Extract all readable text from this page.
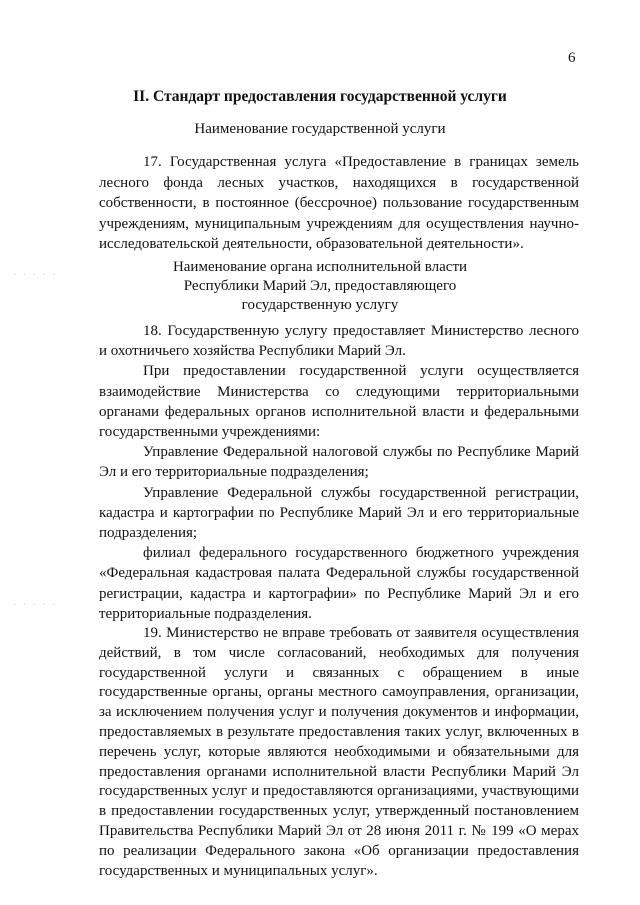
· · · · ·
· · · · ·
6
II. Стандарт предоставления государственной услуги
Наименование государственной услуги

17. Государственная услуга «Предоставление в границах земель лесного фонда лесных участков, находящихся в государственной собственности, в постоянное (бессрочное) пользование государственным учреждениям, муниципальным учреждениям для осуществления научно-исследовательской деятельности, образовательной деятельности».

Наименование органа исполнительной власти
Республики Марий Эл, предоставляющего
государственную услугу

18. Государственную услугу предоставляет Министерство лесного и охотничьего хозяйства Республики Марий Эл.

При предоставлении государственной услуги осуществляется взаимодействие Министерства со следующими территориальными органами федеральных органов исполнительной власти и федеральными государственными учреждениями:

Управление Федеральной налоговой службы по Республике Марий Эл и его территориальные подразделения;

Управление Федеральной службы государственной регистрации, кадастра и картографии по Республике Марий Эл и его территориальные подразделения;

филиал федерального государственного бюджетного учреждения «Федеральная кадастровая палата Федеральной службы государственной регистрации, кадастра и картографии» по Республике Марий Эл и его территориальные подразделения.

19. Министерство не вправе требовать от заявителя осуществления действий, в том числе согласований, необходимых для получения государственной услуги и связанных с обращением в иные государственные органы, органы местного самоуправления, организации, за исключением получения услуг и получения документов и информации, предоставляемых в результате предоставления таких услуг, включенных в перечень услуг, которые являются необходимыми и обязательными для предоставления органами исполнительной власти Республики Марий Эл государственных услуг и предоставляются организациями, участвующими в предоставлении государственных услуг, утвержденный постановлением Правительства Республики Марий Эл от 28 июня 2011 г. № 199 «О мерах по реализации Федерального закона «Об организации предоставления государственных и муниципальных услуг».
